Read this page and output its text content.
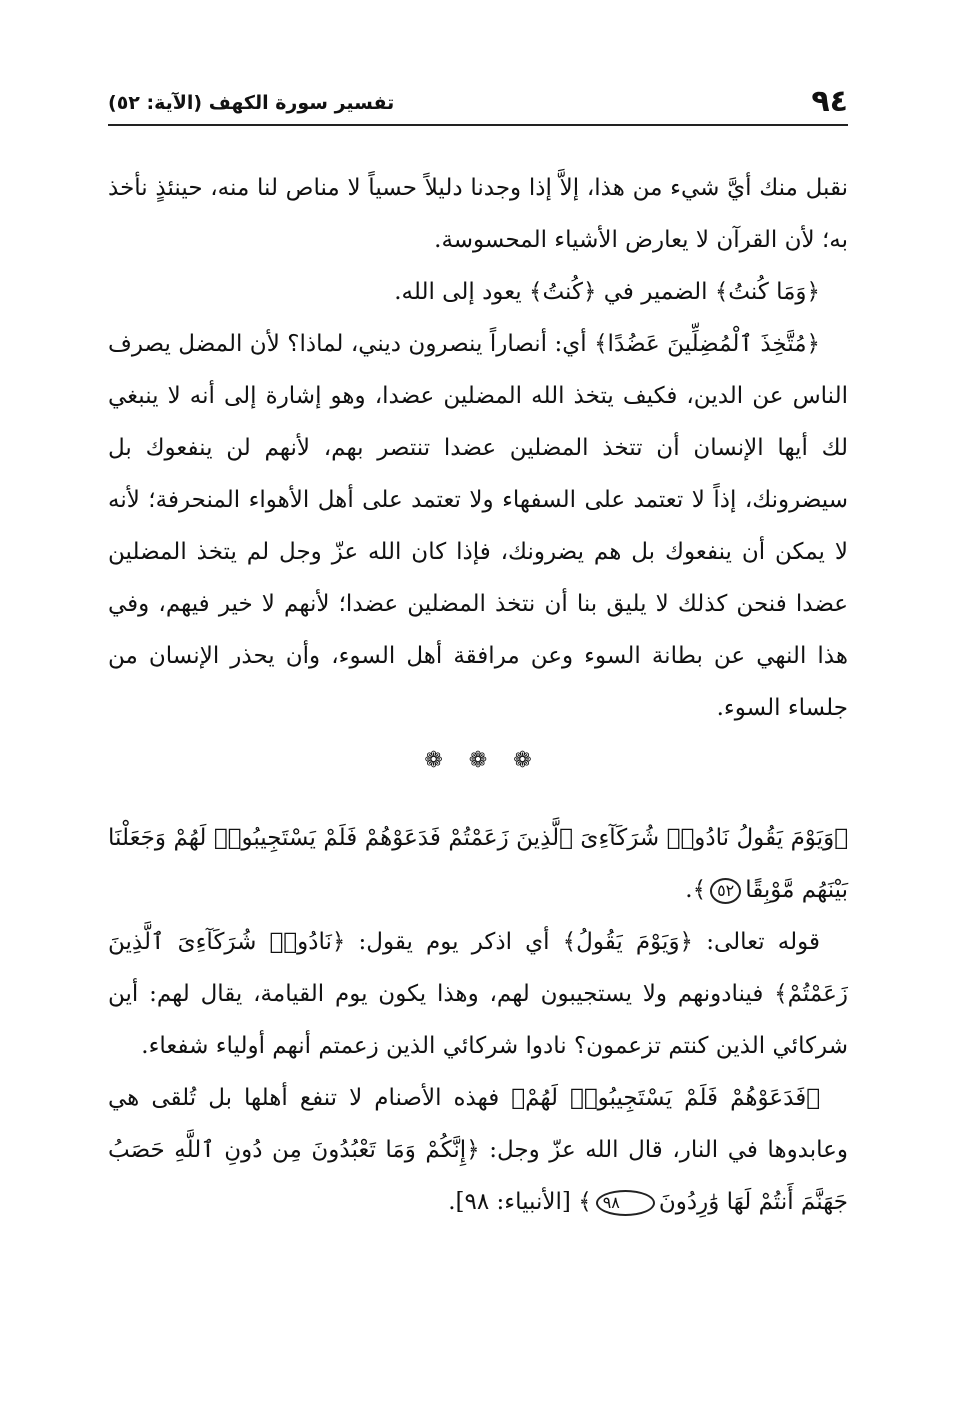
٩٤
تفسير سورة الكهف (الآية: ٥٢)

نقبل منك أيَّ شيء من هذا، إلاَّ إذا وجدنا دليلاً حسياً لا مناص لنا منه، حينئذٍ نأخذ به؛ لأن القرآن لا يعارض الأشياء المحسوسة.

﴿وَمَا كُنتُ﴾ الضمير في ﴿كُنتُ﴾ يعود إلى الله.

﴿مُتَّخِذَ ٱلْمُضِلِّينَ عَضُدًا﴾ أي: أنصاراً ينصرون ديني، لماذا؟ لأن المضل يصرف الناس عن الدين، فكيف يتخذ الله المضلين عضدا، وهو إشارة إلى أنه لا ينبغي لك أيها الإنسان أن تتخذ المضلين عضدا تنتصر بهم، لأنهم لن ينفعوك بل سيضرونك، إذاً لا تعتمد على السفهاء ولا تعتمد على أهل الأهواء المنحرفة؛ لأنه لا يمكن أن ينفعوك بل هم يضرونك، فإذا كان الله عزّ وجل لم يتخذ المضلين عضدا فنحن كذلك لا يليق بنا أن نتخذ المضلين عضدا؛ لأنهم لا خير فيهم، وفي هذا النهي عن بطانة السوء وعن مرافقة أهل السوء، وأن يحذر الإنسان من جلساء السوء.

❁
❁
❁

﴿وَيَوْمَ يَقُولُ نَادُوا۟ شُرَكَآءِىَ ٱلَّذِينَ زَعَمْتُمْ فَدَعَوْهُمْ فَلَمْ يَسْتَجِيبُوا۟ لَهُمْ وَجَعَلْنَا بَيْنَهُم مَّوْبِقًا٥٢﴾.

قوله تعالى: ﴿وَيَوْمَ يَقُولُ﴾ أي اذكر يوم يقول: ﴿نَادُوا۟ شُرَكَآءِىَ ٱلَّذِينَ زَعَمْتُمْ﴾ فينادونهم ولا يستجيبون لهم، وهذا يكون يوم القيامة، يقال لهم: أين شركائي الذين كنتم تزعمون؟ نادوا شركائي الذين زعمتم أنهم أولياء شفعاء.

﴿فَدَعَوْهُمْ فَلَمْ يَسْتَجِيبُوا۟ لَهُمْ﴾ فهذه الأصنام لا تنفع أهلها بل تُلقى هي وعابدوها في النار، قال الله عزّ وجل: ﴿إِنَّكُمْ وَمَا تَعْبُدُونَ مِن دُونِ ٱللَّهِ حَصَبُ جَهَنَّمَ أَنتُمْ لَهَا وَٰرِدُونَ٩٨﴾ [الأنبياء: ٩٨].
